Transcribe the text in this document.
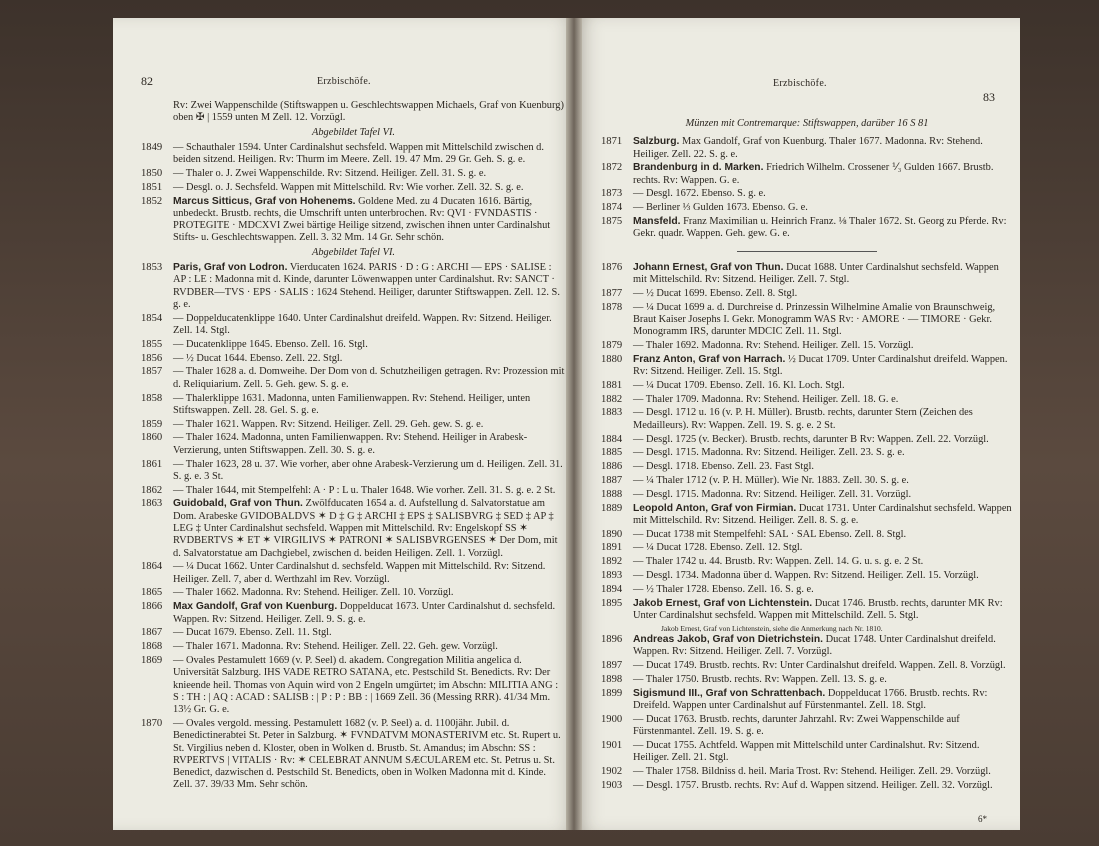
82	Erzbischöfe.
Rv: Zwei Wappenschilde (Stiftswappen u. Geschlechtswappen Michaels, Graf von Kuenburg) oben ✠ | 1559 unten M Zell. 12. Vorzügl.
Abgebildet Tafel VI.
1849	— Schauthaler 1594. Unter Cardinalshut sechsfeld. Wappen mit Mittelschild zwischen d. beiden sitzend. Heiligen. Rv: Thurm im Meere. Zell. 19. 47 Mm. 29 Gr. Geh. S. g. e.
1850	— Thaler o. J. Zwei Wappenschilde. Rv: Sitzend. Heiliger. Zell. 31. S. g. e.
1851	— Desgl. o. J. Sechsfeld. Wappen mit Mittelschild. Rv: Wie vorher. Zell. 32. S. g. e.
1852	Marcus Sitticus, Graf von Hohenems. Goldene Med. zu 4 Ducaten 1616. Bärtig, unbedeckt. Brustb. rechts, die Umschrift unten unterbrochen. Rv: QVI · FVNDASTIS · PROTEGITE · MDCXVI Zwei bärtige Heilige sitzend, zwischen ihnen unter Cardinalshut Stifts- u. Geschlechtswappen. Zell. 3. 32 Mm. 14 Gr. Sehr schön.
Abgebildet Tafel VI.
1853	Paris, Graf von Lodron. Vierducaten 1624. PARIS · D : G : ARCHI — EPS · SALISE : AP : LE : Madonna mit d. Kinde, darunter Löwenwappen unter Cardinalshut. Rv: SANCT · RVDBER—TVS · EPS · SALIS : 1624 Stehend. Heiliger, darunter Stiftswappen. Zell. 12. S. g. e.
1854	— Doppelducatenklippe 1640. Unter Cardinalshut dreifeld. Wappen. Rv: Sitzend. Heiliger. Zell. 14. Stgl.
1855	— Ducatenklippe 1645. Ebenso. Zell. 16. Stgl.
1856	— ½ Ducat 1644. Ebenso. Zell. 22. Stgl.
1857	— Thaler 1628 a. d. Domweihe. Der Dom von d. Schutzheiligen getragen. Rv: Prozession mit d. Reliquiarium. Zell. 5. Geh. gew. S. g. e.
1858	— Thalerklippe 1631. Madonna, unten Familienwappen. Rv: Stehend. Heiliger, unten Stiftswappen. Zell. 28. Gel. S. g. e.
1859	— Thaler 1621. Wappen. Rv: Sitzend. Heiliger. Zell. 29. Geh. gew. S. g. e.
1860	— Thaler 1624. Madonna, unten Familienwappen. Rv: Stehend. Heiliger in Arabesk-Verzierung, unten Stiftswappen. Zell. 30. S. g. e.
1861	— Thaler 1623, 28 u. 37. Wie vorher, aber ohne Arabesk-Verzierung um d. Heiligen. Zell. 31. S. g. e. 3 St.
1862	— Thaler 1644, mit Stempelfehl: A · P : L u. Thaler 1648. Wie vorher. Zell. 31. S. g. e. 2 St.
1863	Guidobald, Graf von Thun. Zwölfducaten 1654 a. d. Aufstellung d. Salvatorstatue am Dom. Arabeske GVIDOBALDVS ✶ D ‡ G ‡ ARCHI ‡ EPS ‡ SALISBVRG ‡ SED ‡ AP ‡ LEG ‡ Unter Cardinalshut sechsfeld. Wappen mit Mittelschild. Rv: Engelskopf SS ✶ RVDBERTVS ✶ ET ✶ VIRGILIVS ✶ PATRONI ✶ SALISBVRGENSES ✶ Der Dom, mit d. Salvatorstatue am Dachgiebel, zwischen d. beiden Heiligen. Zell. 1. Vorzügl.
1864	— ¼ Ducat 1662. Unter Cardinalshut d. sechsfeld. Wappen mit Mittelschild. Rv: Sitzend. Heiliger. Zell. 7, aber d. Werthzahl im Rev. Vorzügl.
1865	— Thaler 1662. Madonna. Rv: Stehend. Heiliger. Zell. 10. Vorzügl.
1866	Max Gandolf, Graf von Kuenburg. Doppelducat 1673. Unter Cardinalshut d. sechsfeld. Wappen. Rv: Sitzend. Heiliger. Zell. 9. S. g. e.
1867	— Ducat 1679. Ebenso. Zell. 11. Stgl.
1868	— Thaler 1671. Madonna. Rv: Stehend. Heiliger. Zell. 22. Geh. gew. Vorzügl.
1869	— Ovales Pestamulett 1669 (v. P. Seel) d. akadem. Congregation Militia angelica d. Universität Salzburg. IHS VADE RETRO SATANA, etc. Pestschild St. Benedicts. Rv: Der knieende heil. Thomas von Aquin wird von 2 Engeln umgürtet; im Abschn: MILITIA ANG : S : TH : | AQ : ACAD : SALISB : | P : P : BB : | 1669 Zell. 36 (Messing RRR). 41/34 Mm. 13½ Gr. G. e.
1870	— Ovales vergold. messing. Pestamulett 1682 (v. P. Seel) a. d. 1100jähr. Jubil. d. Benedictinerabtei St. Peter in Salzburg. ✶ FVNDATVM MONASTERIVM etc. St. Rupert u. St. Virgilius neben d. Kloster, oben in Wolken d. Brustb. St. Amandus; im Abschn: SS : RVPERTVS | VITALIS · Rv: ✶ CELEBRAT ANNUM SÆCULAREM etc. St. Petrus u. St. Benedict, dazwischen d. Pestschild St. Benedicts, oben in Wolken Madonna mit d. Kinde. Zell. 37. 39/33 Mm. Sehr schön.
Erzbischöfe.
83
Münzen mit Contremarque: Stiftswappen, darüber 16 S 81
1871	Salzburg. Max Gandolf, Graf von Kuenburg. Thaler 1677. Madonna. Rv: Stehend. Heiliger. Zell. 22. S. g. e.
1872	Brandenburg in d. Marken. Friedrich Wilhelm. Crossener ⅟₃ Gulden 1667. Brustb. rechts. Rv: Wappen. G. e.
1873	— Desgl. 1672. Ebenso. S. g. e.
1874	— Berliner ⅓ Gulden 1673. Ebenso. G. e.
1875	Mansfeld. Franz Maximilian u. Heinrich Franz. ⅛ Thaler 1672. St. Georg zu Pferde. Rv: Gekr. quadr. Wappen. Geh. gew. G. e.
1876	Johann Ernest, Graf von Thun. Ducat 1688. Unter Cardinalshut sechsfeld. Wappen mit Mittelschild. Rv: Sitzend. Heiliger. Zell. 7. Stgl.
1877	— ½ Ducat 1699. Ebenso. Zell. 8. Stgl.
1878	— ¼ Ducat 1699 a. d. Durchreise d. Prinzessin Wilhelmine Amalie von Braunschweig, Braut Kaiser Josephs I. Gekr. Monogramm WAS Rv: · AMORE · — TIMORE · Gekr. Monogramm IRS, darunter MDCIC Zell. 11. Stgl.
1879	— Thaler 1692. Madonna. Rv: Stehend. Heiliger. Zell. 15. Vorzügl.
1880	Franz Anton, Graf von Harrach. ½ Ducat 1709. Unter Cardinalshut dreifeld. Wappen. Rv: Sitzend. Heiliger. Zell. 15. Stgl.
1881	— ¼ Ducat 1709. Ebenso. Zell. 16. Kl. Loch. Stgl.
1882	— Thaler 1709. Madonna. Rv: Stehend. Heiliger. Zell. 18. G. e.
1883	— Desgl. 1712 u. 16 (v. P. H. Müller). Brustb. rechts, darunter Stern (Zeichen des Medailleurs). Rv: Wappen. Zell. 19. S. g. e. 2 St.
1884	— Desgl. 1725 (v. Becker). Brustb. rechts, darunter B Rv: Wappen. Zell. 22. Vorzügl.
1885	— Desgl. 1715. Madonna. Rv: Sitzend. Heiliger. Zell. 23. S. g. e.
1886	— Desgl. 1718. Ebenso. Zell. 23. Fast Stgl.
1887	— ¼ Thaler 1712 (v. P. H. Müller). Wie Nr. 1883. Zell. 30. S. g. e.
1888	— Desgl. 1715. Madonna. Rv: Sitzend. Heiliger. Zell. 31. Vorzügl.
1889	Leopold Anton, Graf von Firmian. Ducat 1731. Unter Cardinalshut sechsfeld. Wappen mit Mittelschild. Rv: Sitzend. Heiliger. Zell. 8. S. g. e.
1890	— Ducat 1738 mit Stempelfehl: SAL · SAL Ebenso. Zell. 8. Stgl.
1891	— ¼ Ducat 1728. Ebenso. Zell. 12. Stgl.
1892	— Thaler 1742 u. 44. Brustb. Rv: Wappen. Zell. 14. G. u. s. g. e. 2 St.
1893	— Desgl. 1734. Madonna über d. Wappen. Rv: Sitzend. Heiliger. Zell. 15. Vorzügl.
1894	— ½ Thaler 1728. Ebenso. Zell. 16. S. g. e.
1895	Jakob Ernest, Graf von Lichtenstein. Ducat 1746. Brustb. rechts, darunter MK Rv: Unter Cardinalshut sechsfeld. Wappen mit Mittelschild. Zell. 5. Stgl.
Jakob Ernest, Graf von Lichtenstein, siehe die Anmerkung nach Nr. 1810.
1896	Andreas Jakob, Graf von Dietrichstein. Ducat 1748. Unter Cardinalshut dreifeld. Wappen. Rv: Sitzend. Heiliger. Zell. 7. Vorzügl.
1897	— Ducat 1749. Brustb. rechts. Rv: Unter Cardinalshut dreifeld. Wappen. Zell. 8. Vorzügl.
1898	— Thaler 1750. Brustb. rechts. Rv: Wappen. Zell. 13. S. g. e.
1899	Sigismund III., Graf von Schrattenbach. Doppelducat 1766. Brustb. rechts. Rv: Dreifeld. Wappen unter Cardinalshut auf Fürstenmantel. Zell. 18. Stgl.
1900	— Ducat 1763. Brustb. rechts, darunter Jahrzahl. Rv: Zwei Wappenschilde auf Fürstenmantel. Zell. 19. S. g. e.
1901	— Ducat 1755. Achtfeld. Wappen mit Mittelschild unter Cardinalshut. Rv: Sitzend. Heiliger. Zell. 21. Stgl.
1902	— Thaler 1758. Bildniss d. heil. Maria Trost. Rv: Stehend. Heiliger. Zell. 29. Vorzügl.
1903	— Desgl. 1757. Brustb. rechts. Rv: Auf d. Wappen sitzend. Heiliger. Zell. 32. Vorzügl.
6*
